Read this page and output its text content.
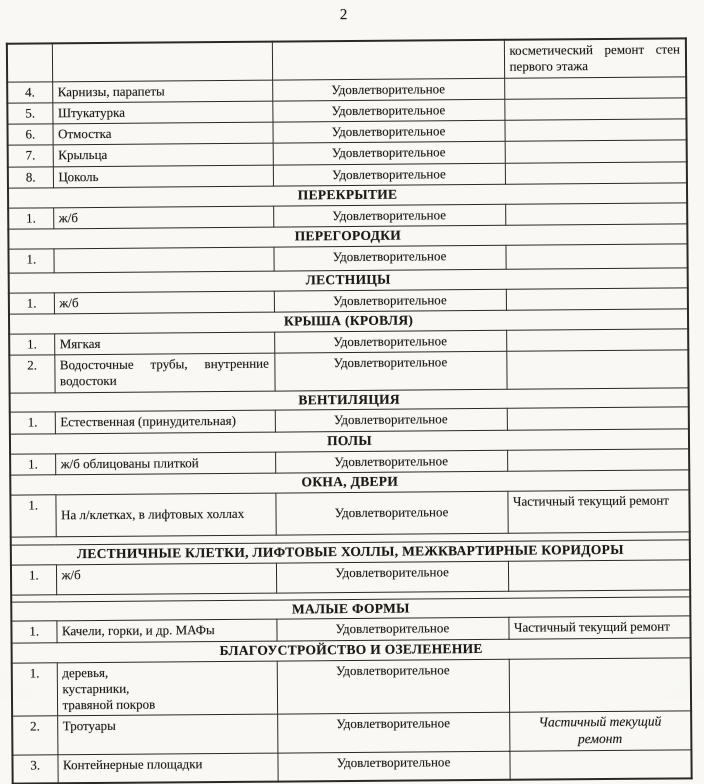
2
			косметический ремонт стен первого этажа
4.	Карнизы, парапеты	Удовлетворительное	
5.	Штукатурка	Удовлетворительное	
6.	Отмостка	Удовлетворительное	
7.	Крыльца	Удовлетворительное	
8.	Цоколь	Удовлетворительное	
ПЕРЕКРЫТИЕ			
1.	ж/б	Удовлетворительное	
ПЕРЕГОРОДКИ			
1.		Удовлетворительное	
ЛЕСТНИЦЫ			
1.	ж/б	Удовлетворительное	
КРЫША (КРОВЛЯ)			
1.	Мягкая	Удовлетворительное	
2.	Водосточные трубы, внутренние водостоки	Удовлетворительное	
ВЕНТИЛЯЦИЯ			
1.	Естественная (принудительная)	Удовлетворительное	
ПОЛЫ			
1.	ж/б облицованы плиткой	Удовлетворительное	
ОКНА, ДВЕРИ			
1.	На л/клетках, в лифтовых холлах	Удовлетворительное	Частичный текущий ремонт

ЛЕСТНИЧНЫЕ КЛЕТКИ, ЛИФТОВЫЕ ХОЛЛЫ, МЕЖКВАРТИРНЫЕ КОРИДОРЫ			
1.	ж/б	Удовлетворительное	

МАЛЫЕ ФОРМЫ			
1.	Качели, горки, и др. МАФы	Удовлетворительное	Частичный текущий ремонт
БЛАГОУСТРОЙСТВО И ОЗЕЛЕНЕНИЕ			
1.	деревья,
кустарники,
травяной покров	Удовлетворительное	
2.	Тротуары	Удовлетворительное	Частичный текущий
ремонт
3.	Контейнерные площадки	Удовлетворительное	
